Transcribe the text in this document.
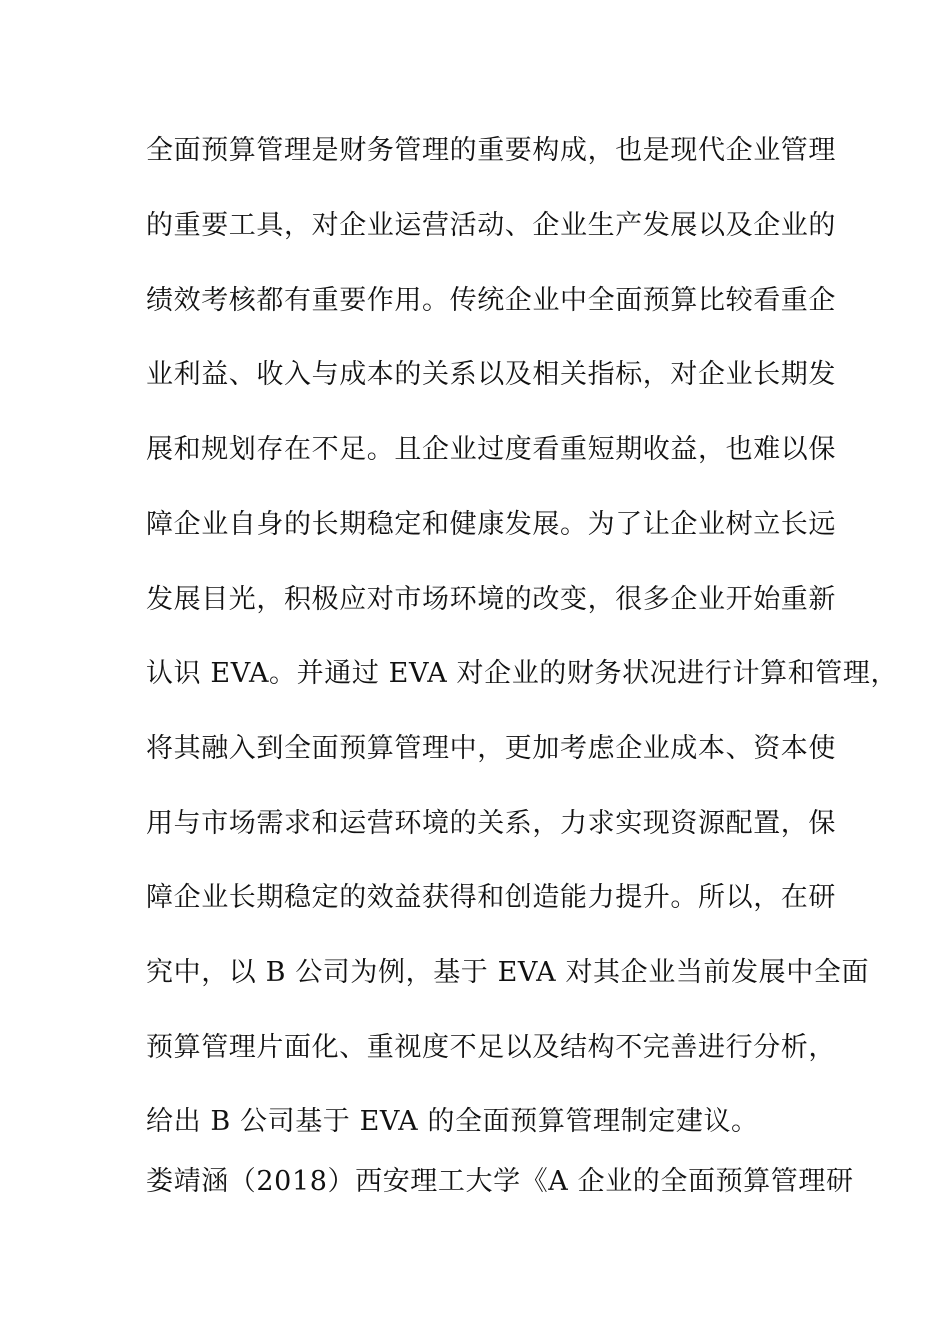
全面预算管理是财务管理的重要构成，也是现代企业管理
的重要工具，对企业运营活动、企业生产发展以及企业的
绩效考核都有重要作用。传统企业中全面预算比较看重企
业利益、收入与成本的关系以及相关指标，对企业长期发
展和规划存在不足。且企业过度看重短期收益，也难以保
障企业自身的长期稳定和健康发展。为了让企业树立长远
发展目光，积极应对市场环境的改变，很多企业开始重新
认识 EVA。并通过 EVA 对企业的财务状况进行计算和管理，
将其融入到全面预算管理中，更加考虑企业成本、资本使
用与市场需求和运营环境的关系，力求实现资源配置，保
障企业长期稳定的效益获得和创造能力提升。所以，在研
究中，以 B 公司为例，基于 EVA 对其企业当前发展中全面
预算管理片面化、重视度不足以及结构不完善进行分析，
给出 B 公司基于 EVA 的全面预算管理制定建议。
娄靖涵（2018）西安理工大学《A 企业的全面预算管理研
